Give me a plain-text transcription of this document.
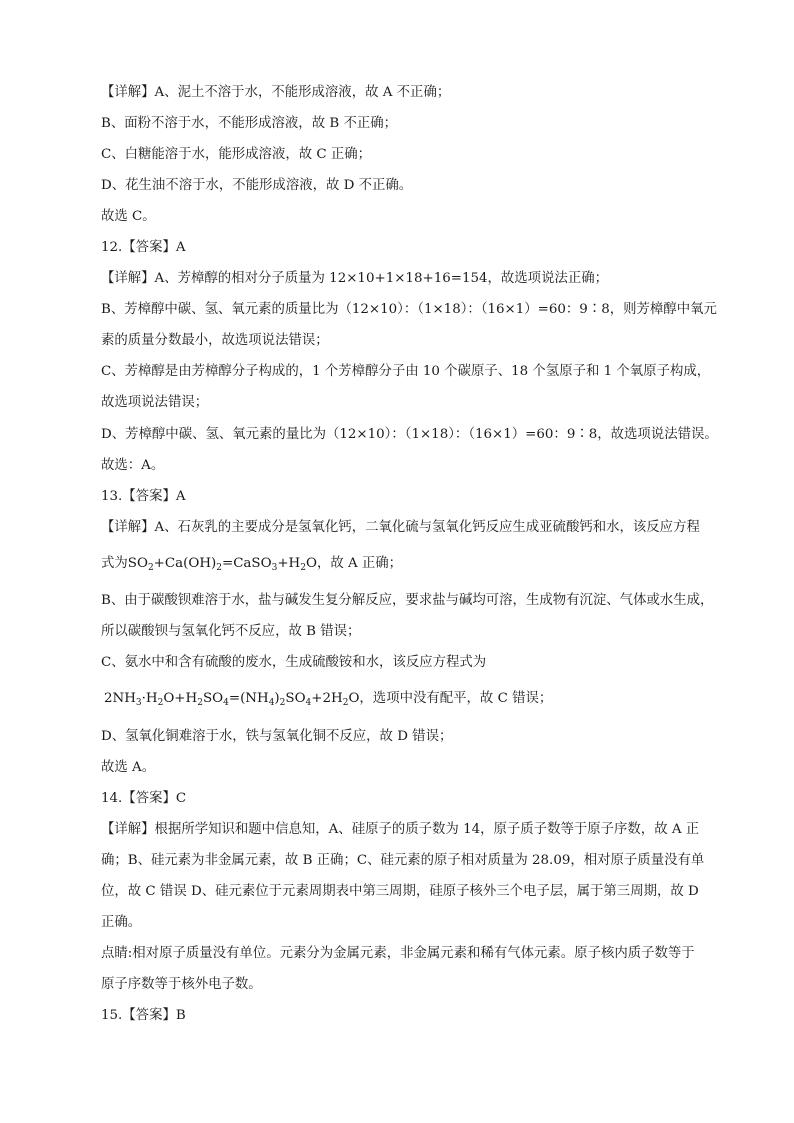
【详解】A、泥土不溶于水，不能形成溶液，故 A 不正确；
B、面粉不溶于水，不能形成溶液，故 B 不正确；
C、白糖能溶于水，能形成溶液，故 C 正确；
D、花生油不溶于水，不能形成溶液，故 D 不正确。
故选 C。
12.【答案】A
【详解】A、芳樟醇的相对分子质量为 12×10+1×18+16=154，故选项说法正确；
B、芳樟醇中碳、氢、氧元素的质量比为（12×10）：（1×18）：（16×1）=60：9∶8，则芳樟醇中氧元
素的质量分数最小，故选项说法错误；
C、芳樟醇是由芳樟醇分子构成的，1 个芳樟醇分子由 10 个碳原子、18 个氢原子和 1 个氧原子构成，
故选项说法错误；
D、芳樟醇中碳、氢、氧元素的量比为（12×10）：（1×18）：（16×1）=60：9∶8，故选项说法错误。
故选：A。
13.【答案】A
【详解】A、石灰乳的主要成分是氢氧化钙，二氧化硫与氢氧化钙反应生成亚硫酸钙和水，该反应方程
式为$SO_2+Ca(OH)_2=CaSO_3+H_2O$，故 A 正确；
B、由于碳酸钡难溶于水，盐与碱发生复分解反应，要求盐与碱均可溶，生成物有沉淀、气体或水生成，
所以碳酸钡与氢氧化钙不反应，故 B 错误；
C、氨水中和含有硫酸的废水，生成硫酸铵和水，该反应方程式为
$2NH_3\cdot H_2O+H_2SO_4=(NH_4)_2SO_4+2H_2O$，选项中没有配平，故 C 错误；
D、氢氧化铜难溶于水，铁与氢氧化铜不反应，故 D 错误；
故选 A。
14.【答案】C
【详解】根据所学知识和题中信息知，A、硅原子的质子数为 14，原子质子数等于原子序数，故 A 正
确；B、硅元素为非金属元素，故 B 正确；C、硅元素的原子相对质量为 28.09，相对原子质量没有单
位，故 C 错误 D、硅元素位于元素周期表中第三周期，硅原子核外三个电子层，属于第三周期，故 D
正确。
点睛:相对原子质量没有单位。元素分为金属元素，非金属元素和稀有气体元素。原子核内质子数等于
原子序数等于核外电子数。
15.【答案】B
